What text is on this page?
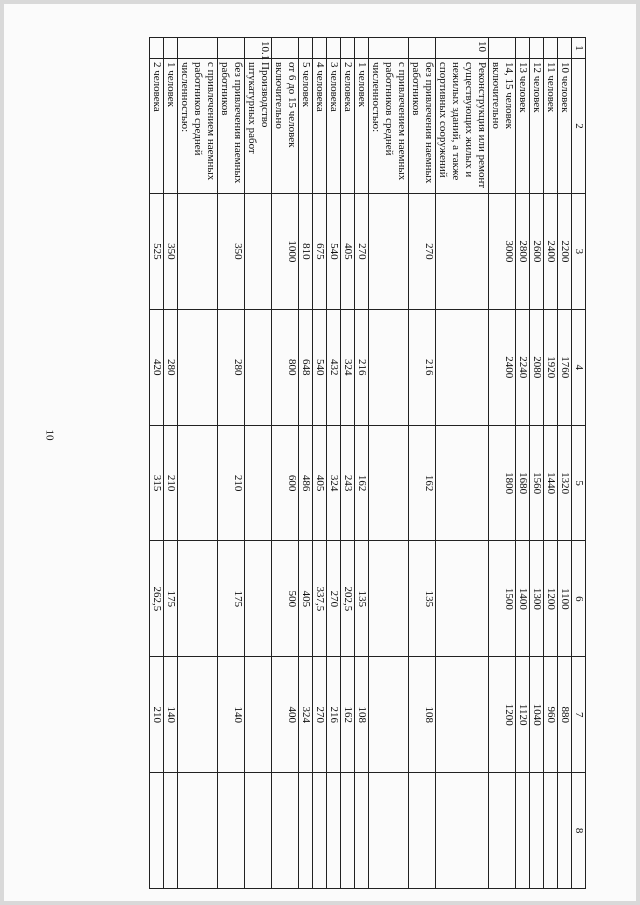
10
1	2	3	4	5	6	7	8
	10 человек	2200	1760	1320	1100	880	
	11 человек	2400	1920	1440	1200	960	
	12 человек	2600	2080	1560	1300	1040	
	13 человек	2800	2240	1680	1400	1120	
	14, 15 человек включительно	3000	2400	1800	1500	1200	
10	Реконструкция или ремонт существующих жилых и нежилых зданий, а также спортивных сооружений						
	без привлечения наемных работников	270	216	162	135	108	
	с привлечением наемных работников средней численностью:						
	1 человек	270	216	162	135	108	
	2 человека	405	324	243	202,5	162	
	3 человека	540	432	324	270	216	
	4 человека	675	540	405	337,5	270	
	5 человек	810	648	486	405	324	
	от 6 до 15 человек включительно	1000	800	600	500	400	
10.1	Производство штукатурных работ						
	без привлечения наемных работников	350	280	210	175	140	
	с привлечением наемных работников средней численностью:						
	1 человек	350	280	210	175	140	
	2 человека	525	420	315	262,5	210	
